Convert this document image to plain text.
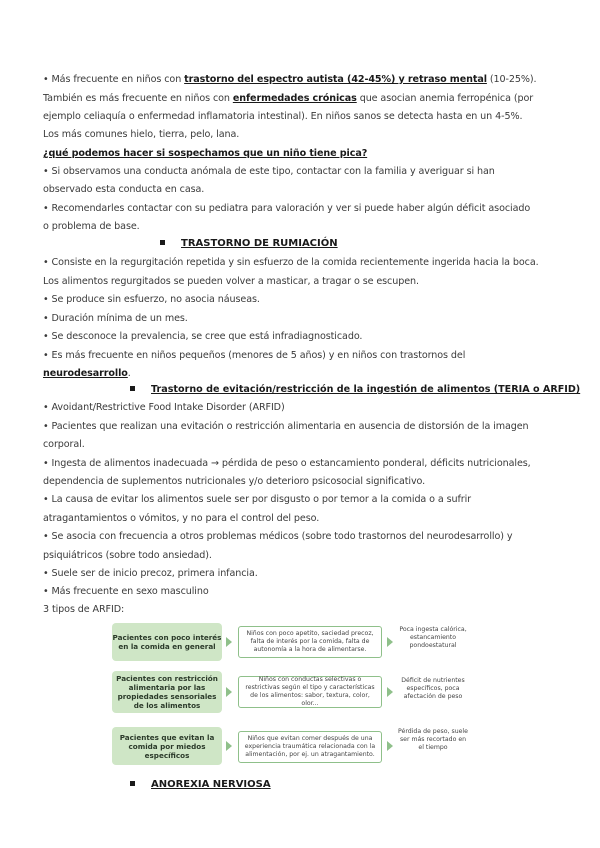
• Más frecuente en niños con trastorno del espectro autista (42-45%) y retraso mental (10-25%).
También es más frecuente en niños con enfermedades crónicas que asocian anemia ferropénica (por
ejemplo celiaquía o enfermedad inflamatoria intestinal). En niños sanos se detecta hasta en un 4-5%.
Los más comunes hielo, tierra, pelo, lana.
¿qué podemos hacer si sospechamos que un niño tiene pica?
• Si observamos una conducta anómala de este tipo, contactar con la familia y averiguar si han
observado esta conducta en casa.
• Recomendarles contactar con su pediatra para valoración y ver si puede haber algún déficit asociado
o problema de base.
TRASTORNO DE RUMIACIÓN
• Consiste en la regurgitación repetida y sin esfuerzo de la comida recientemente ingerida hacia la boca.
Los alimentos regurgitados se pueden volver a masticar, a tragar o se escupen.
• Se produce sin esfuerzo, no asocia náuseas.
• Duración mínima de un mes.
• Se desconoce la prevalencia, se cree que está infradiagnosticado.
• Es más frecuente en niños pequeños (menores de 5 años) y en niños con trastornos del
neurodesarrollo.
Trastorno de evitación/restricción de la ingestión de alimentos (TERIA o ARFID)
• Avoidant/Restrictive Food Intake Disorder (ARFID)
• Pacientes que realizan una evitación o restricción alimentaria en ausencia de distorsión de la imagen
corporal.
• Ingesta de alimentos inadecuada → pérdida de peso o estancamiento ponderal, déficits nutricionales,
dependencia de suplementos nutricionales y/o deterioro psicosocial significativo.
• La causa de evitar los alimentos suele ser por disgusto o por temor a la comida o a sufrir
atragantamientos o vómitos, y no para el control del peso.
• Se asocia con frecuencia a otros problemas médicos (sobre todo trastornos del neurodesarrollo) y
psiquiátricos (sobre todo ansiedad).
• Suele ser de inicio precoz, primera infancia.
• Más frecuente en sexo masculino
3 tipos de ARFID:
Pacientes con poco interés en la comida en general
Niños con poco apetito, saciedad precoz, falta de interés por la comida, falta de autonomía a la hora de alimentarse.
Poca ingesta calórica, estancamiento pondoestatural
Pacientes con restricción alimentaria por las propiedades sensoriales de los alimentos
Niños con conductas selectivas o restrictivas según el tipo y características de los alimentos: sabor, textura, color, olor...
Déficit de nutrientes específicos, poca afectación de peso
Pacientes que evitan la comida por miedos específicos
Niños que evitan comer después de una experiencia traumática relacionada con la alimentación, por ej. un atragantamiento.
Pérdida de peso, suele ser más recortado en el tiempo
ANOREXIA NERVIOSA
